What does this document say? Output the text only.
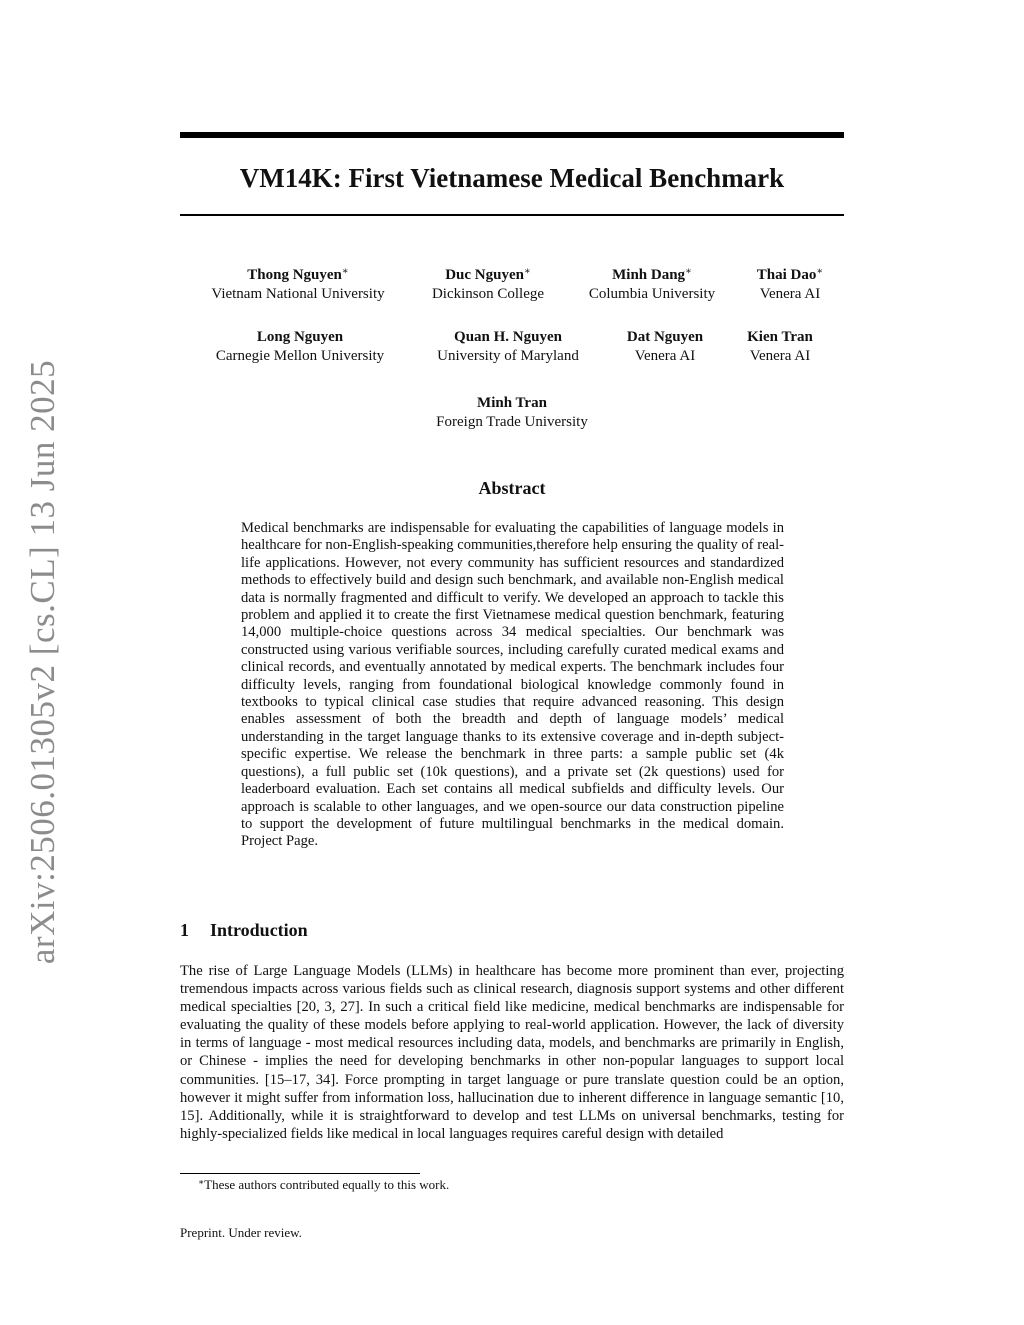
arXiv:2506.01305v2 [cs.CL] 13 Jun 2025
VM14K: First Vietnamese Medical Benchmark
Thong Nguyen∗
Vietnam National University
Duc Nguyen∗
Dickinson College
Minh Dang∗
Columbia University
Thai Dao∗
Venera AI
Long Nguyen
Carnegie Mellon University
Quan H. Nguyen
University of Maryland
Dat Nguyen
Venera AI
Kien Tran
Venera AI
Minh Tran
Foreign Trade University
Abstract

Medical benchmarks are indispensable for evaluating the capabilities of language models in healthcare for non-English-speaking communities,therefore help ensuring the quality of real-life applications. However, not every community has sufficient resources and standardized methods to effectively build and design such benchmark, and available non-English medical data is normally fragmented and difficult to verify. We developed an approach to tackle this problem and applied it to create the first Vietnamese medical question benchmark, featuring 14,000 multiple-choice questions across 34 medical specialties. Our benchmark was constructed using various verifiable sources, including carefully curated medical exams and clinical records, and eventually annotated by medical experts. The benchmark includes four difficulty levels, ranging from foundational biological knowledge commonly found in textbooks to typical clinical case studies that require advanced reasoning. This design enables assessment of both the breadth and depth of language models’ medical understanding in the target language thanks to its extensive coverage and in-depth subject-specific expertise. We release the benchmark in three parts: a sample public set (4k questions), a full public set (10k questions), and a private set (2k questions) used for leaderboard evaluation. Each set contains all medical subfields and difficulty levels. Our approach is scalable to other languages, and we open-source our data construction pipeline to support the development of future multilingual benchmarks in the medical domain. Project Page.

1 Introduction

The rise of Large Language Models (LLMs) in healthcare has become more prominent than ever, projecting tremendous impacts across various fields such as clinical research, diagnosis support systems and other different medical specialties [20, 3, 27]. In such a critical field like medicine, medical benchmarks are indispensable for evaluating the quality of these models before applying to real-world application. However, the lack of diversity in terms of language - most medical resources including data, models, and benchmarks are primarily in English, or Chinese - implies the need for developing benchmarks in other non-popular languages to support local communities. [15–17, 34]. Force prompting in target language or pure translate question could be an option, however it might suffer from information loss, hallucination due to inherent difference in language semantic [10, 15]. Additionally, while it is straightforward to develop and test LLMs on universal benchmarks, testing for highly-specialized fields like medical in local languages requires careful design with detailed

∗These authors contributed equally to this work.
Preprint. Under review.
